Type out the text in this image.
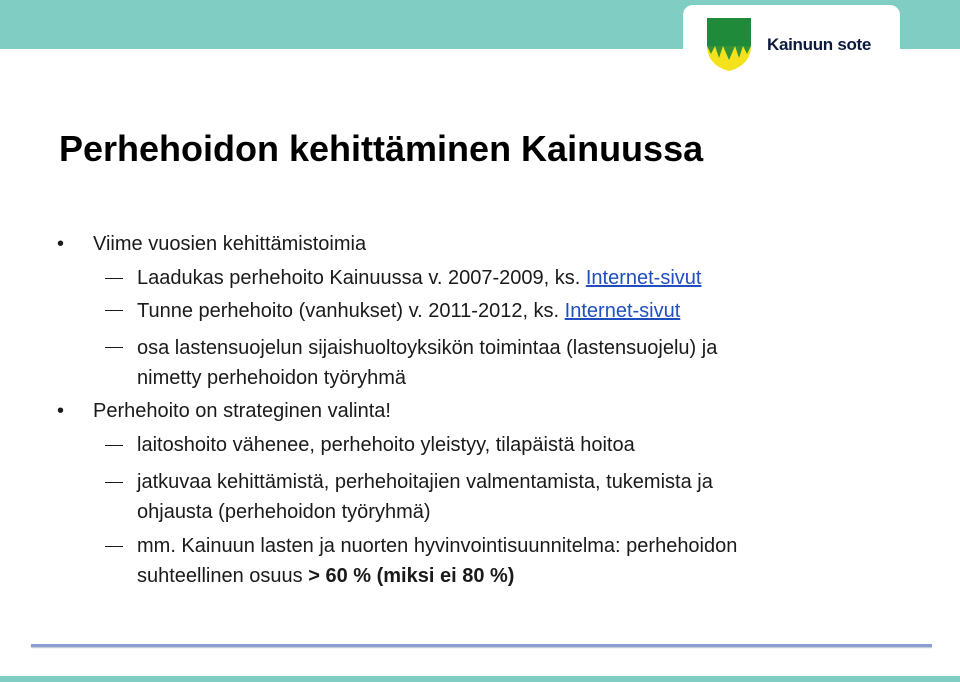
Kainuun sote
Perhehoidon kehittäminen Kainuussa
• Viime vuosien kehittämistoimia
Laadukas perhehoito Kainuussa v. 2007-2009, ks. Internet-sivut
Tunne perhehoito (vanhukset) v. 2011-2012, ks. Internet-sivut
osa lastensuojelun sijaishuoltoyksikön toimintaa (lastensuojelu) ja
nimetty perhehoidon työryhmä
• Perhehoito on strateginen valinta!
laitoshoito vähenee, perhehoito yleistyy, tilapäistä hoitoa
jatkuvaa kehittämistä, perhehoitajien valmentamista, tukemista ja
ohjausta (perhehoidon työryhmä)
mm. Kainuun lasten ja nuorten hyvinvointisuunnitelma: perhehoidon
suhteellinen osuus > 60 % (miksi ei 80 %)
